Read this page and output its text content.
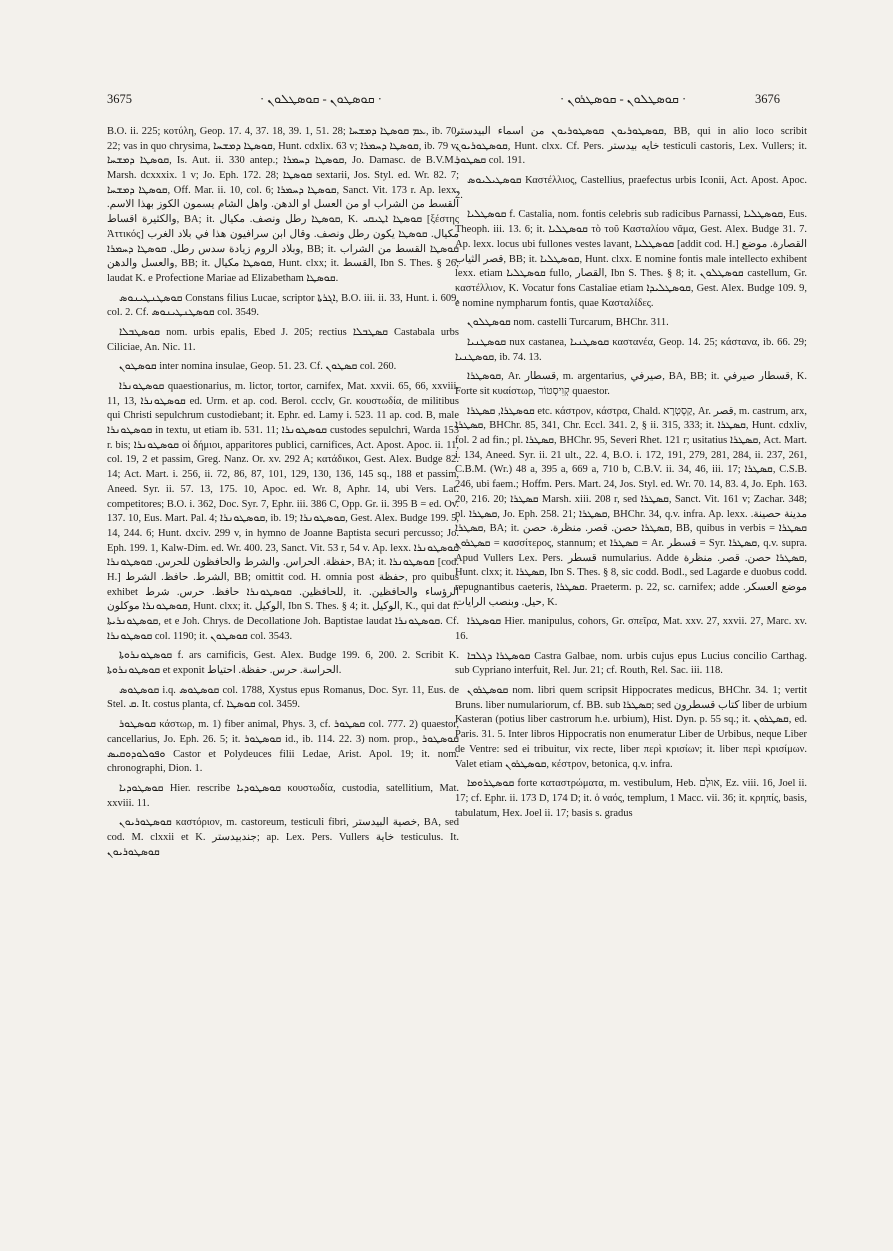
3675	· ܩܘܣܛܘܢ - ܩܘܣܛܠܘܢ ·	· ܩܘܣܛܠܘܢ - ܩܘܣܛܪܘܢ ·	3676

B.O. ii. 225; κοτύλη, Geop. 17. 4, 37. 18, 39. 1, 51. 28; ܥܡ ܩܘܣܛܐ ܕܡܫܚܐ, ib. 70. 22; vas in quo chrysima, ܩܘܣܛܐ ܕܡܫܚܐ, Hunt. cdxlix. 63 v; ܩܘܣܛܐ ܕܚܡܪܐ, ib. 79 v; ܩܘܣܛܐ ܕܡܫܚܐ, Is. Aut. ii. 330 antep.; ܩܘܣܛܐ ܕܚܡܪܐ, Jo. Damasc. de B.V.M., Marsh. dcxxxix. 1 v; Jo. Eph. 172. 28; ܩܘܣܛܐ sextarii, Jos. Styl. ed. Wr. 82. 7; ܩܘܣܛܐ ܕܡܫܚܐ, Off. Mar. ii. 10, col. 6; ܩܘܣܛܐ ܕܚܡܪܐ, Sanct. Vit. 173 r. Ap. lexx. القسط من الشراب او من العسل او الدهن. واهل الشام يسمون الكوز بهذا الاسم. والكثيرة اقساط, BA; it. ܩܘܣܛܐ رطل ونصف. مكيال, K. ܩܘܣܛܐ ܐܛܝܩܝ [ξέστης Ἀττικός] مكيال. ܩܘܣܛܐ يكون رطل ونصف. وقال ابن سرافيون هذا في بلاد الغرب وبلاد الروم زيادة سدس رطل. ܩܘܣܛܐ ܕܚܡܪܐ, BB; it. ܩܘܣܛܐ القسط من الشراب والعسل والدهن, BB; it. ܩܘܣܛܐ مكيال, Hunt. clxx; it. القسط, Ibn S. Thes. § 26; laudat K. e Profectione Mariae ad Elizabetham ܩܘܣܛܐ.

ܩܘܣܛܢܛܝܢܘܣ Constans filius Lucae, scriptor ܐܓܪܬܐ, B.O. iii. ii. 33, Hunt. i. 609, col. 2. Cf. ܩܘܣܛܢܛܝܢܘܣ col. 3549.

ܩܘܣܛܒܠܐ nom. urbis epalis, Ebed J. 205; rectius ܩܣܛܒܠܐ Castabala urbs Ciliciae, An. Nic. 11.

ܩܘܣܛܘܢ inter nomina insulae, Geop. 51. 23. Cf. ܩܣܛܘܢ col. 260.

ܩܘܣܛܘܢܪܐ quaestionarius, m. lictor, tortor, carnifex, Mat. xxvii. 65, 66, xxviii. 11, 13, ܩܘܣܛܘܢܪܐ ed. Urm. et ap. cod. Berol. ccclv, Gr. κουστωδία, de militibus qui Christi sepulchrum custodiebant; it. Ephr. ed. Lamy i. 523. 11 ap. cod. B, male ܩܘܣܛܘܢܪܐ in textu, ut etiam ib. 531. 11; ܩܘܣܛܘܢܪܐ custodes sepulchri, Warda 153 r. bis; ܩܘܣܛܘܢܪܐ οἱ δήμιοι, apparitores publici, carnifices, Act. Apost. Apoc. ii. 11, col. 19, 2 et passim, Greg. Nanz. Or. xv. 292 A; κατάδικοι, Gest. Alex. Budge 82. 14; Act. Mart. i. 256, ii. 72, 86, 87, 101, 129, 130, 136, 145 sq., 188 et passim, Aneed. Syr. ii. 57. 13, 175. 10, Apoc. ed. Wr. 8, Aphr. 14, ubi Vers. Lat. competitores; B.O. i. 362, Doc. Syr. 7, Ephr. iii. 386 C, Opp. Gr. ii. 395 B = ed. Ov. 137. 10, Eus. Mart. Pal. 4; ܩܘܣܛܘܢܪܐ, ib. 19; ܩܘܣܛܘܢܪܐ, Gest. Alex. Budge 199. 5, 14, 244. 6; Hunt. dxciv. 299 v, in hymno de Joanne Baptista securi percusso; Jo. Eph. 199. 1, Kalw-Dim. ed. Wr. 400. 23, Sanct. Vit. 53 r, 54 v. Ap. lexx. ܩܘܣܛܘܢܪܐ حفظة. الحراس. والشرط والحافظون للحرس. ܩܘܣܛܘܢܪܐ, BA; it. ܩܘܣܛܘܢܪܐ [cod. H.] الشرط. حافظ. الشرط, BB; omittit cod. H. omnia post حفظة, pro quibus exhibet للحافظين. ܩܘܣܛܘܢܪܐ حافظ. حرس. شرط, it. الرؤساء والحافظين. ܩܘܣܛܘܢܪܐ موكلون, Hunt. clxx; it. الوكيل, Ibn S. Thes. § 4; it. الوكيل, K., qui dat f. ܩܘܣܛܘܢܪܝܬܐ, et e Joh. Chrys. de Decollatione Joh. Baptistae laudat ܩܘܣܛܘܢܪܐ. Cf. ܩܘܣܛܘܢܪܐ col. 1190; it. ܩܘܣܛܘܢ col. 3543.

ܩܘܣܛܘܢܪܘܬܐ f. ars carnificis, Gest. Alex. Budge 199. 6, 200. 2. Scribit K. ܩܘܣܛܘܢܪܘܬܐ et exponit الحراسة. حرس. حفظة. احتياط.

ܩܘܣܛܘܣ i.q. ܩܘܣܛܘܣ col. 1788, Xystus epus Romanus, Doc. Syr. 11, Eus. de Stel. ܩ. It. costus planta, cf. ܩܘܣܛܐ col. 3459.

ܩܘܣܛܘܪ κάστωρ, m. 1) fiber animal, Phys. 3, cf. ܩܣܛܘܪ col. 777. 2) quaestor, cancellarius, Jo. Eph. 26. 5; it. ܩܘܣܛܘܪ id., ib. 114. 22. 3) nom. prop., ܩܘܣܛܘܪ ܘܦܘܠܘܕܘܩܝܣ Castor et Polydeuces filii Ledae, Arist. Apol. 19; it. nom. chronographi, Dion. 1.

ܩܘܣܛܘܕܝܐ Hier. rescribe ܩܘܣܛܘܕܝܐ κουστωδία, custodia, satellitium, Mat. xxviii. 11.

ܩܘܣܛܘܪܝܘܢ καστόριον, m. castoreum, testiculi fibri, خصية البيدستر, BA, sed cod. M. clxxii et K. جندبيدستر; ap. Lex. Pers. Vullers خاية testiculus. It. ܩܘܣܛܘܪܝܘܢ

ܩܘܣܛܘܪܝܘܢ ܩܘܣܛܘܪܝܘܢ من اسماء البيدستر, BB, qui in alio loco scribit ܩܘܣܛܘܪܝܘܢ, Hunt. clxx. Cf. Pers. خایه بیدستر testiculi castoris, Lex. Vullers; it. ܩܣܛܘܪ col. 191.

ܩܘܣܛܝܠܝܘܣ Καστέλλιος, Castellius, praefectus urbis Iconii, Act. Apost. Apoc. 2.

ܩܘܣܛܠܝܐ f. Castalia, nom. fontis celebris sub radicibus Parnassi, ܩܘܣܛܠܝܐ, Eus. Theoph. iii. 13. 6; it. ܩܘܣܛܠܝܐ τὸ τοῦ Κασταλίου νᾶμα, Gest. Alex. Budge 31. 7. Ap. lexx. locus ubi fullones vestes lavant, ܩܘܣܛܠܝܐ [addit cod. H.] القصارة. موضع قصر الثياب, BB; it. ܩܘܣܛܠܝܐ, Hunt. clxx. E nomine fontis male intellecto exhibent lexx. etiam ܩܘܣܛܠܝܐ fullo, القصار, Ibn S. Thes. § 8; it. ܩܘܣܛܠܘܢ castellum, Gr. καστέλλιον, K. Vocatur fons Castaliae etiam ܩܘܣܛܠܝܕܐ, Gest. Alex. Budge 109. 9, e nomine nympharum fontis, quae Κασταλίδες.

ܩܘܣܛܠܘܢ nom. castelli Turcarum, BHChr. 311.

ܩܘܣܛܢܝܐ nux castanea, ܩܘܣܛܢܝܐ καστανέα, Geop. 14. 25; κάστανα, ib. 66. 29; ܩܘܣܛܢܝܐ, ib. 74. 13.

ܩܘܣܛܪܐ, Ar. قسطار, m. argentarius, صيرفي, BA, BB; it. قسطار صيرفي, K. Forte sit κυαίστωρ, קְוִיסְטוֹר quaestor.

ܩܘܣܛܪܐ, ܩܣܛܪܐ etc. κάστρον, κάστρα, Chald. קַסְטְרָא, Ar. قصر, m. castrum, arx, ܩܣܛܪܐ, BHChr. 85, 341, Chr. Eccl. 341. 2, § ii. 315, 333; it. ܩܣܛܪܐ, Hunt. cdxliv, fol. 2 ad fin.; pl. ܩܣܛܪܐ, BHChr. 95, Severi Rhet. 121 r; usitatius ܩܣܛܪܐ, Act. Mart. i. 134, Aneed. Syr. ii. 21 ult., 22. 4, B.O. i. 172, 191, 279, 281, 284, ii. 237, 261, C.B.M. (Wr.) 48 a, 395 a, 669 a, 710 b, C.B.V. ii. 34, 46, iii. 17; ܩܣܛܪܐ, C.S.B. 246, ubi faem.; Hoffm. Pers. Mart. 24, Jos. Styl. ed. Wr. 70. 14, 83. 4, Jo. Eph. 163. 20, 216. 20; ܩܣܛܪܐ Marsh. xiii. 208 r, sed ܩܣܛܪܐ, Sanct. Vit. 161 v; Zachar. 348; pl. ܩܣܛܪܐ, Jo. Eph. 258. 21; ܩܣܛܪܐ, BHChr. 34, q.v. infra. Ap. lexx. مدينة حصينة. ܩܣܛܪܐ, BA; it. ܩܣܛܪܐ حصن. قصر. منظرة. حصن, BB, quibus in verbis ܩܣܛܪܐ = ܩܣܛܪܘܢ = κασσίτερος, stannum; et ܩܣܛܪܐ = Ar. قسطر = Syr. ܩܣܛܪܐ, q.v. supra. Apud Vullers Lex. Pers. قسطر numularius. Adde ܩܣܛܪܐ حصن. قصر. منظرة, Hunt. clxx; it. ܩܣܛܪܐ, Ibn S. Thes. § 8, sic codd. Bodl., sed Lagarde e duobus codd. repugnantibus caeteris, ܩܣܛܪܐ. Praeterm. p. 22, sc. carnifex; adde موضع العسكر. حيل. وبنصب الرايات, K.

ܩܘܣܛܪܐ Hier. manipulus, cohors, Gr. σπεῖρα, Mat. xxv. 27, xxvii. 27, Marc. xv. 16.

ܩܘܣܛܪܐ ܕܓܠܒܐ Castra Galbae, nom. urbis cujus epus Lucius concilio Carthag. sub Cypriano interfuit, Rel. Jur. 21; cf. Routh, Rel. Sac. iii. 118.

ܩܘܣܛܪܘܢ nom. libri quem scripsit Hippocrates medicus, BHChr. 34. 1; vertit Bruns. liber numulariorum, cf. BB. sub ܩܣܛܪܐ; sed كتاب قسطرون liber de urbium Kasteran (potius liber castrorum h.e. urbium), Hist. Dyn. p. 55 sq.; it. ܩܣܛܪܘܢ, ed. Paris. 31. 5. Inter libros Hippocratis non enumeratur Liber de Urbibus, neque Liber de Ventre: sed ei tribuitur, vix recte, liber περὶ κρισίων; it. liber περὶ κρισίμων. Valet etiam ܩܘܣܛܪܘܢ, κέστρον, betonica, q.v. infra.

ܩܘܣܛܪܘܡܐ forte καταστρώματα, m. vestibulum, Heb. אוּלָם, Ez. viii. 16, Joel ii. 17; cf. Ephr. ii. 173 D, 174 D; it. ὁ ναός, templum, 1 Macc. vii. 36; it. κρηπίς, basis, tabulatum, Hex. Joel ii. 17; basis s. gradus
